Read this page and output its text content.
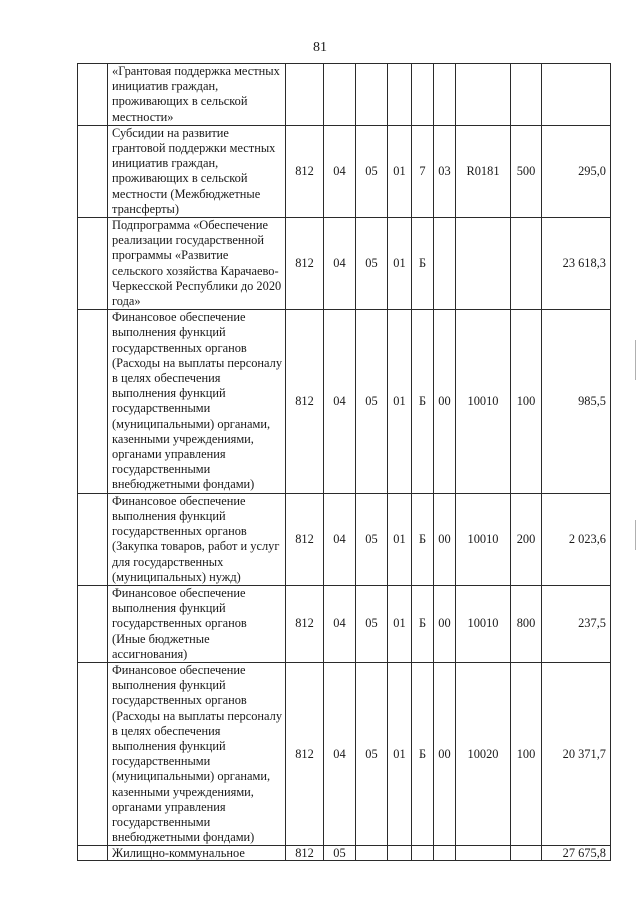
81
	«Грантовая поддержка местных инициатив граждан, проживающих в сельской местности»									
	Субсидии на развитие грантовой поддержки местных инициатив граждан, проживающих в сельской местности (Межбюджетные трансферты)	812	04	05	01	7	03	R0181	500	295,0
	Подпрограмма «Обеспечение реализации государственной программы «Развитие сельского хозяйства Карачаево-Черкесской Республики до 2020 года»	812	04	05	01	Б				23 618,3
	Финансовое обеспечение выполнения функций государственных органов (Расходы на выплаты персоналу в целях обеспечения выполнения функций государственными (муниципальными) органами, казенными учреждениями, органами управления государственными внебюджетными фондами)	812	04	05	01	Б	00	10010	100	985,5
	Финансовое обеспечение выполнения функций государственных органов (Закупка товаров, работ и услуг для государственных (муниципальных) нужд)	812	04	05	01	Б	00	10010	200	2 023,6
	Финансовое обеспечение выполнения функций государственных органов (Иные бюджетные ассигнования)	812	04	05	01	Б	00	10010	800	237,5
	Финансовое обеспечение выполнения функций государственных органов (Расходы на выплаты персоналу в целях обеспечения выполнения функций государственными (муниципальными) органами, казенными учреждениями, органами управления государственными внебюджетными фондами)	812	04	05	01	Б	00	10020	100	20 371,7
	Жилищно-коммунальное	812	05							27 675,8
